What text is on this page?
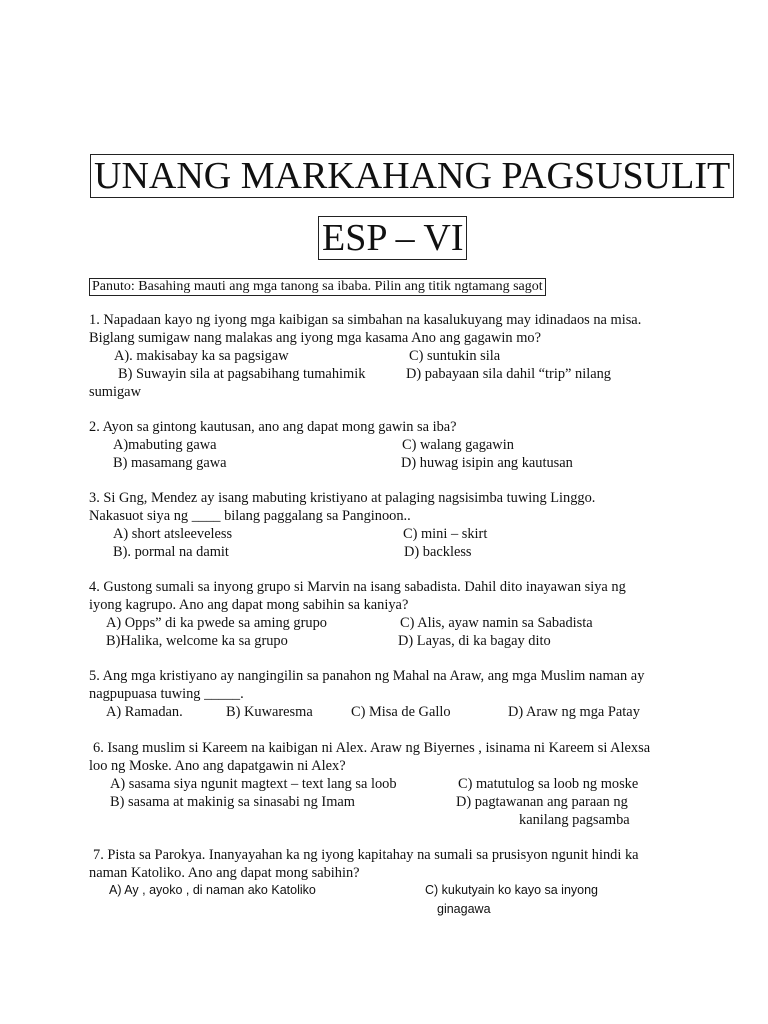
UNANG MARKAHANG PAGSUSULIT
ESP – VI
Panuto: Basahing mauti ang mga tanong sa ibaba. Pilin ang titik ngtamang sagot
1. Napadaan kayo ng iyong mga kaibigan sa simbahan na kasalukuyang may idinadaos na misa.
Biglang sumigaw nang malakas ang iyong mga kasama Ano ang gagawin mo?
A). makisabay ka sa pagsigaw	C) suntukin sila
B) Suwayin sila at pagsabihang tumahimik	D) pabayaan sila dahil “trip” nilang
sumigaw
2. Ayon sa gintong kautusan, ano ang dapat mong gawin sa iba?
A)mabuting gawa	C) walang gagawin
B) masamang gawa	D) huwag isipin ang kautusan
3. Si Gng, Mendez ay isang mabuting kristiyano at palaging nagsisimba tuwing Linggo.
Nakasuot siya ng ____ bilang paggalang sa Panginoon..
A) short atsleeveless	C) mini – skirt
B). pormal na damit	D) backless
4. Gustong sumali sa inyong grupo si Marvin na isang sabadista. Dahil dito inayawan siya ng
iyong kagrupo. Ano ang dapat mong sabihin sa kaniya?
A) Opps” di ka pwede sa aming grupo	C) Alis, ayaw namin sa Sabadista
B)Halika, welcome ka sa grupo	D) Layas, di ka bagay dito
5. Ang mga kristiyano ay nangingilin sa panahon ng Mahal na Araw, ang mga Muslim naman ay
nagpupuasa tuwing _____.
A) Ramadan.	B) Kuwaresma	C) Misa de Gallo	D) Araw ng mga Patay
6. Isang muslim si Kareem na kaibigan ni Alex. Araw ng Biyernes , isinama ni Kareem si Alexsa
loo ng Moske. Ano ang dapatgawin ni Alex?
A) sasama siya ngunit magtext – text lang sa loob	C) matutulog sa loob ng moske
B) sasama at makinig sa sinasabi ng Imam	D) pagtawanan ang paraan ng
kanilang pagsamba
7. Pista sa Parokya. Inanyayahan ka ng iyong kapitahay na sumali sa prusisyon ngunit hindi ka
naman Katoliko. Ano ang dapat mong sabihin?
A) Ay , ayoko , di naman ako Katoliko	C) kukutyain ko kayo sa inyong
ginagawa
